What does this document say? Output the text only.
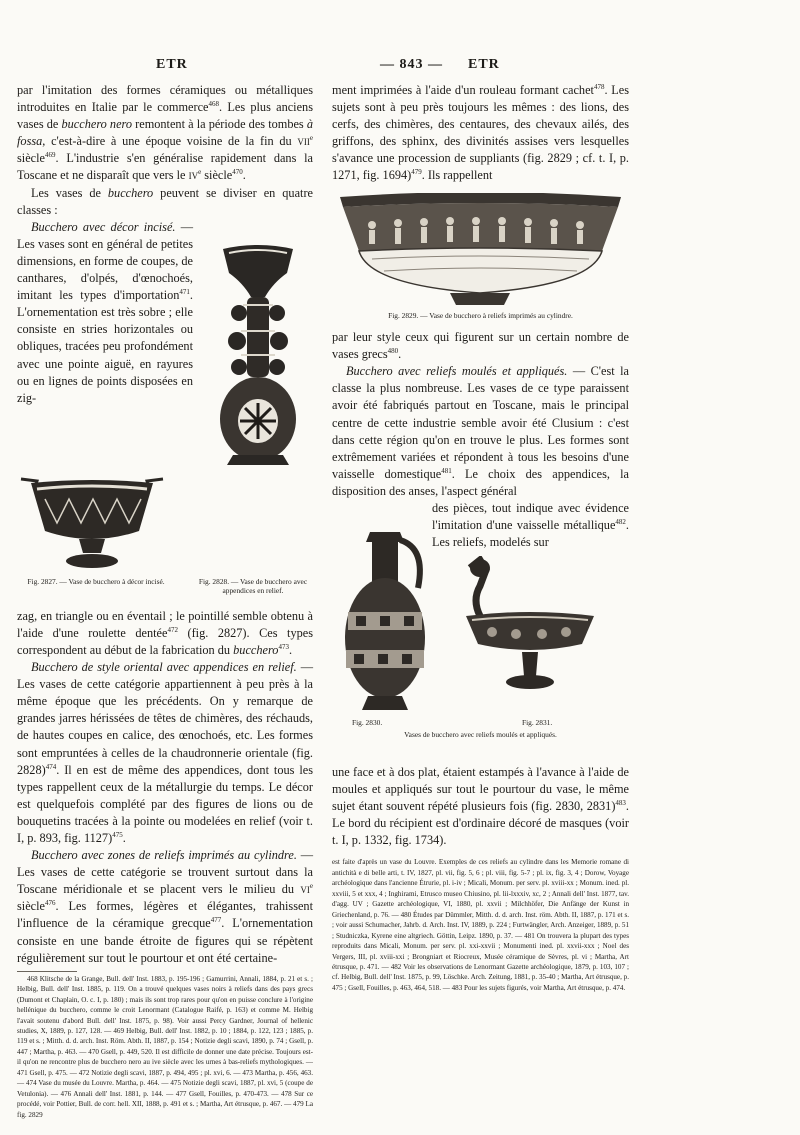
ETR	— 843 — ETR

par l'imitation des formes céramiques ou métalliques introduites en Italie par le commerce$^{468}$. Les plus anciens vases de bucchero nero remontent à la période des tombes à fossa, c'est-à-dire à une époque voisine de la fin du vii$^e$ siècle$^{469}$. L'industrie s'en généralise rapidement dans la Toscane et ne disparaît que vers le $iv^e$ siècle$^{470}$.

Les vases de bucchero peuvent se diviser en quatre classes :

Bucchero avec décor incisé. — Les vases sont en général de petites dimensions, en forme de coupes, de canthares, d'olpés, d'œnochoés, imitant les types d'importation$^{471}$. L'ornementation est très sobre ; elle consiste en stries horizontales ou obliques, tracées peu profondément avec une pointe aiguë, en rayures ou en lignes de points disposées en zig-

Fig. 2827. — Vase de bucchero à décor incisé.	Fig. 2828. — Vase de bucchero avec appendices en relief.

zag, en triangle ou en éventail ; le pointillé semble obtenu à l'aide d'une roulette dentée$^{472}$ (fig. 2827). Ces types correspondent au début de la fabrication du bucchero$^{473}$.

Bucchero de style oriental avec appendices en relief. — Les vases de cette catégorie appartiennent à peu près à la même époque que les précédents. On y remarque de grandes jarres hérissées de têtes de chimères, des réchauds, de hautes coupes en calice, des œnochoés, etc. Les formes sont empruntées à celles de la chaudronnerie orientale (fig. 2828)$^{474}$. Il en est de même des appendices, dont tous les types rappellent ceux de la métallurgie du temps. Le décor est quelquefois complété par des figures de lions ou de bouquetins tracées à la pointe ou modelées en relief (voir t. I, p. 893, fig. 1127)$^{475}$.

Bucchero avec zones de reliefs imprimés au cylindre. — Les vases de cette catégorie se trouvent surtout dans la Toscane méridionale et se placent vers le milieu du $vi^e$ siècle$^{476}$. Les formes, légères et élégantes, trahissent l'influence de la céramique grecque$^{477}$. L'ornementation consiste en une bande étroite de figures qui se répètent régulièrement sur tout le pourtour et ont été certaine-

468 Klitsche de la Grange, Bull. dell' Inst. 1883, p. 195-196 ; Gamurrini, Annali, 1884, p. 21 et s. ; Helbig, Bull. dell' Inst. 1885, p. 119. On a trouvé quelques vases noirs à reliefs dans des pays grecs (Dumont et Chaplain, O. c. I, p. 180) ; mais ils sont trop rares pour qu'on en puisse conclure à l'origine hellénique du bucchero, comme le croit Lenormant (Catalogue Raifé, p. 163) et comme M. Helbig l'avait soutenu d'abord Bull. dell' Inst. 1875, p. 98). Voir aussi Percy Gardner, Journal of hellenic studies, X, 1889, p. 127, 128. — 469 Helbig, Bull. dell' Inst. 1882, p. 10 ; 1884, p. 122, 123 ; 1885, p. 119 et s. ; Mitth. d. d. arch. Inst. Röm. Abth. II, 1887, p. 154 ; Notizie degli scavi, 1890, p. 74 ; Gsell, p. 447 ; Martha, p. 463. — 470 Gsell, p. 449, 520. Il est difficile de donner une date précise. Toujours est-il qu'on ne rencontre plus de bucchero nero au ive siècle avec les urnes à bas-reliefs mythologiques. — 471 Gsell, p. 475. — 472 Notizie degli scavi, 1887, p. 494, 495 ; pl. xvi, 6. — 473 Martha, p. 456, 463. — 474 Vase du musée du Louvre. Martha, p. 464. — 475 Notizie degli scavi, 1887, pl. xvi, 5 (coupe de Vetulonia). — 476 Annali dell' Inst. 1881, p. 144. — 477 Gsell, Fouilles, p. 470-473. — 478 Sur ce procédé, voir Pottier, Bull. de corr. hell. XII, 1888, p. 491 et s. ; Martha, Art étrusque, p. 467. — 479 La fig. 2829

ment imprimées à l'aide d'un rouleau formant cachet$^{478}$. Les sujets sont à peu près toujours les mêmes : des lions, des cerfs, des chimères, des centaures, des chevaux ailés, des griffons, des sphinx, des divinités assises vers lesquelles s'avance une procession de suppliants (fig. 2829 ; cf. t. I, p. 1271, fig. 1694)$^{479}$. Ils rappellent

Fig. 2829. — Vase de bucchero à reliefs imprimés au cylindre.

par leur style ceux qui figurent sur un certain nombre de vases grecs$^{480}$.

Bucchero avec reliefs moulés et appliqués. — C'est la classe la plus nombreuse. Les vases de ce type paraissent avoir été fabriqués partout en Toscane, mais le principal centre de cette industrie semble avoir été Clusium : c'est dans cette région qu'on en trouve le plus. Les formes sont extrêmement variées et répondent à tous les besoins d'une vaisselle domestique$^{481}$. Le choix des appendices, la disposition des anses, l'aspect général

des pièces, tout indique avec évidence l'imitation d'une vaisselle métallique$^{482}$. Les reliefs, modelés sur

Fig. 2830.	Fig. 2831.

Vases de bucchero avec reliefs moulés et appliqués.

une face et à dos plat, étaient estampés à l'avance à l'aide de moules et appliqués sur tout le pourtour du vase, le même sujet étant souvent répété plusieurs fois (fig. 2830, 2831)$^{483}$. Le bord du récipient est d'ordinaire décoré de masques (voir t. I, p. 1332, fig. 1734).

est faite d'après un vase du Louvre. Exemples de ces reliefs au cylindre dans les Memorie romane di antichità e di belle arti, t. IV, 1827, pl. vii, fig. 5, 6 ; pl. viii, fig. 5-7 ; pl. ix, fig. 3, 4 ; Dorow, Voyage archéologique dans l'ancienne Étrurie, pl. i-iv ; Micali, Monum. per serv. pl. xviii-xx ; Monum. ined. pl. xxviii, 5 et xxx, 4 ; Inghirami, Etrusco museo Chiusino, pl. lii-lxxxiv, xc, 2 ; Annali dell' Inst. 1877, tav. d'agg. UV ; Gazette archéologique, VI, 1880, pl. xxvii ; Milchhöfer, Die Anfänge der Kunst in Griechenland, p. 76. — 480 Études par Dümmler, Mitth. d. d. arch. Inst. röm. Abth. II, 1887, p. 171 et s. ; voir aussi Schumacher, Jahrb. d. Arch. Inst. IV, 1889, p. 224 ; Furtwängler, Arch. Anzeiger, 1889, p. 51 ; Studniczka, Kyrene eine altgriech. Göttin, Leipz. 1890, p. 37. — 481 On trouvera la plupart des types reproduits dans Micali, Monum. per serv. pl. xxi-xxvii ; Monumenti ined. pl. xxvii-xxx ; Noel des Vergers, III, pl. xviii-xxi ; Brongniart et Riocreux, Musée céramique de Sèvres, pl. vi ; Martha, Art étrusque, p. 471. — 482 Voir les observations de Lenormant Gazette archéologique, 1879, p. 103, 107 ; cf. Helbig, Bull. dell' Inst. 1875, p. 99, Löschke. Arch. Zeitung, 1881, p. 35-40 ; Martha, Art étrusque, p. 475 ; Gsell, Fouilles, p. 463, 464, 518. — 483 Pour les sujets figurés, voir Martha, Art étrusque, p. 474.
